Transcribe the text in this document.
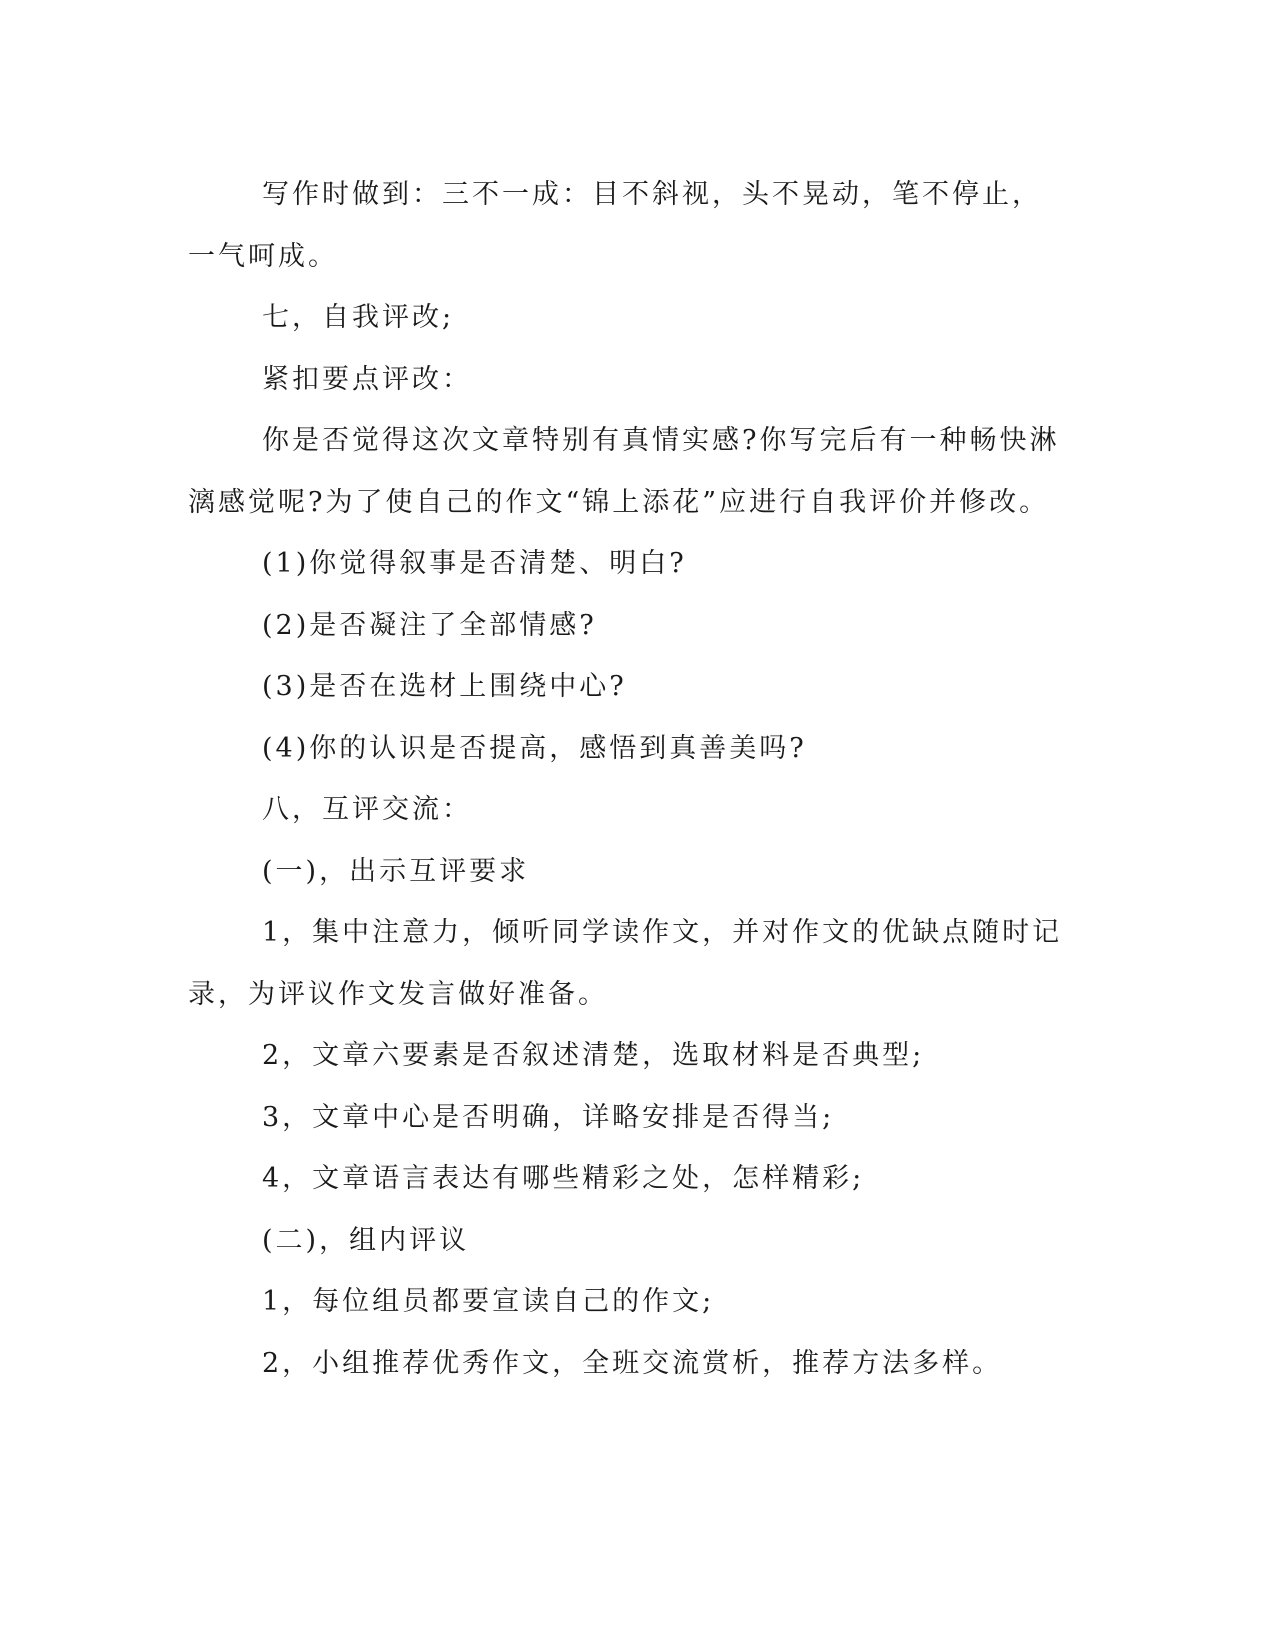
写作时做到：三不一成：目不斜视，头不晃动，笔不停止，一气呵成。

七，自我评改;

紧扣要点评改：

你是否觉得这次文章特别有真情实感?你写完后有一种畅快淋漓感觉呢?为了使自己的作文“锦上添花”应进行自我评价并修改。

(1)你觉得叙事是否清楚、明白?

(2)是否凝注了全部情感?

(3)是否在选材上围绕中心?

(4)你的认识是否提高，感悟到真善美吗?

八，互评交流：

(一)，出示互评要求

1，集中注意力，倾听同学读作文，并对作文的优缺点随时记录，为评议作文发言做好准备。

2，文章六要素是否叙述清楚，选取材料是否典型;

3，文章中心是否明确，详略安排是否得当;

4，文章语言表达有哪些精彩之处，怎样精彩;

(二)，组内评议

1，每位组员都要宣读自己的作文;

2，小组推荐优秀作文，全班交流赏析，推荐方法多样。
